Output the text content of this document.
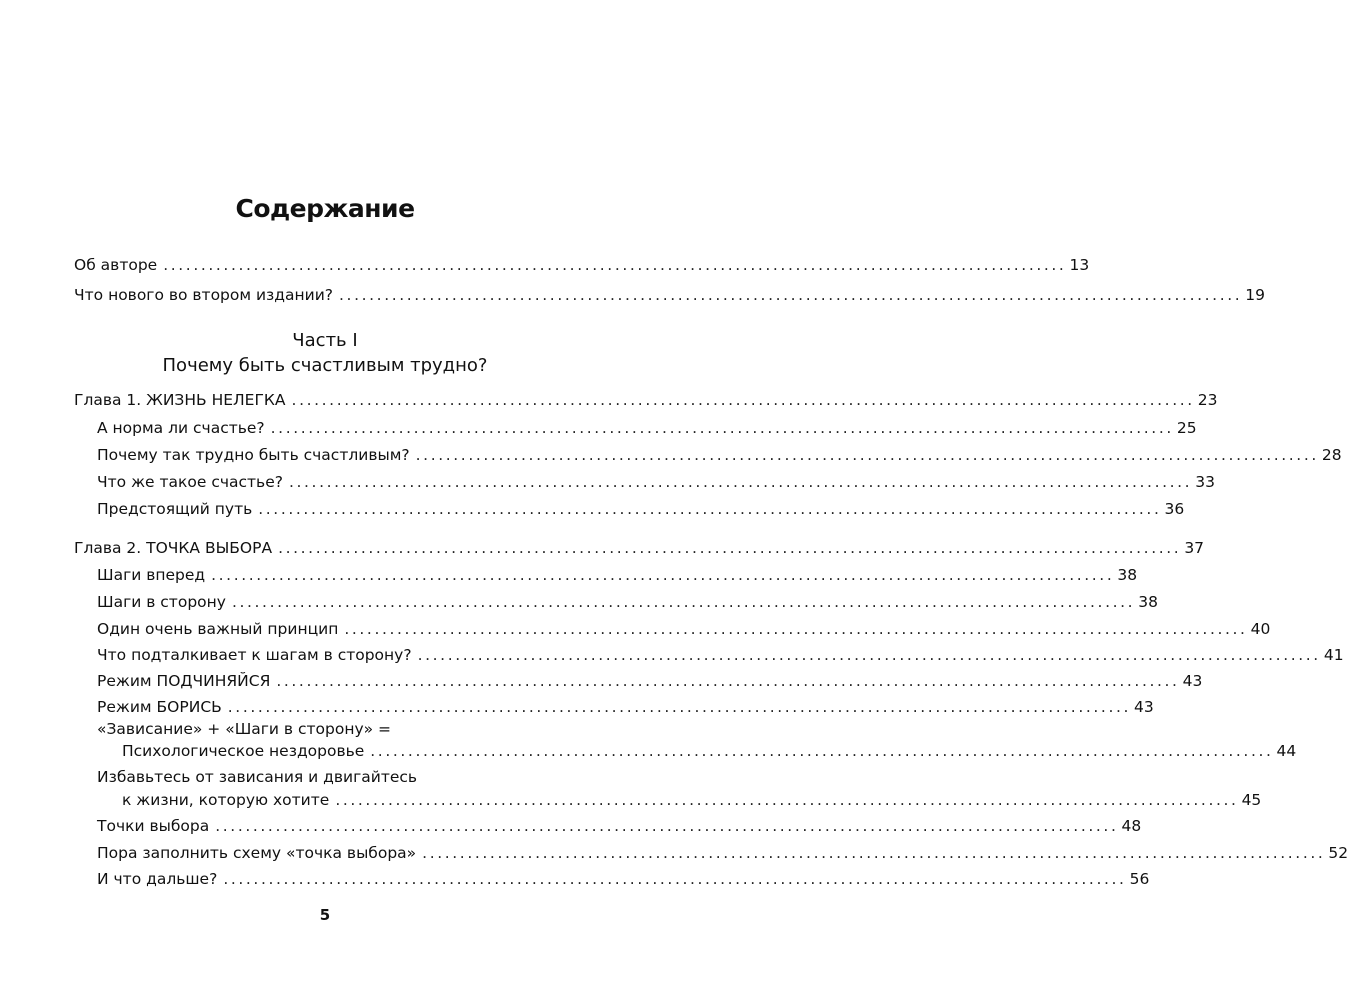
Содержание
Об авторе ........................................................................................................................ 13
Что нового во втором издании? ........................................................................................................................ 19
Часть I
Почему быть счастливым трудно?
Глава 1. ЖИЗНЬ НЕЛЕГКА ........................................................................................................................ 23
А норма ли счастье? ........................................................................................................................ 25
Почему так трудно быть счастливым? ........................................................................................................................ 28
Что же такое счастье? ........................................................................................................................ 33
Предстоящий путь ........................................................................................................................ 36
Глава 2. ТОЧКА ВЫБОРА ........................................................................................................................ 37
Шаги вперед ........................................................................................................................ 38
Шаги в сторону ........................................................................................................................ 38
Один очень важный принцип ........................................................................................................................ 40
Что подталкивает к шагам в сторону? ........................................................................................................................ 41
Режим ПОДЧИНЯЙСЯ ........................................................................................................................ 43
Режим БОРИСЬ ........................................................................................................................ 43
«Зависание» + «Шаги в сторону» =
Психологическое нездоровье ........................................................................................................................ 44
Избавьтесь от зависания и двигайтесь
к жизни, которую хотите ........................................................................................................................ 45
Точки выбора ........................................................................................................................ 48
Пора заполнить схему «точка выбора» ........................................................................................................................ 52
И что дальше? ........................................................................................................................ 56
5
